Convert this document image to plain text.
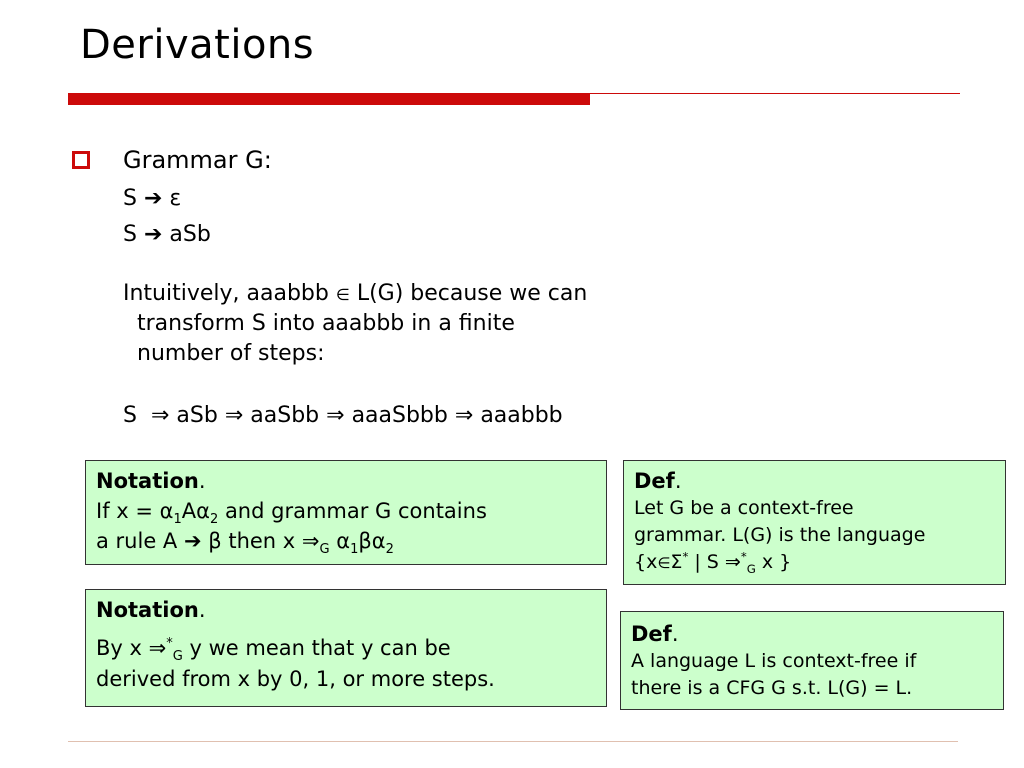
Derivations
Grammar G:
S ➔ ε
S ➔ aSb
Intuitively, aaabbb ∈ L(G) because we can
transform S into aaabbb in a finite
number of steps:
S  ⇒ aSb ⇒ aaSbb ⇒ aaaSbbb ⇒ aaabbb
Notation.
If $x = \alpha_1A\alpha_2$ and grammar G contains
a rule A ➔ β then x $\Rightarrow_G$ $\alpha_1\beta\alpha_2$
Notation.
By x $\Rightarrow^*_G$ y we mean that y can be
derived from x by 0, 1, or more steps.
Def.
Let G be a context-free
grammar. L(G) is the language
{x∈Σ* | S $\Rightarrow^*_G$ x }
Def.
A language L is context-free if
there is a CFG G s.t. L(G) = L.
